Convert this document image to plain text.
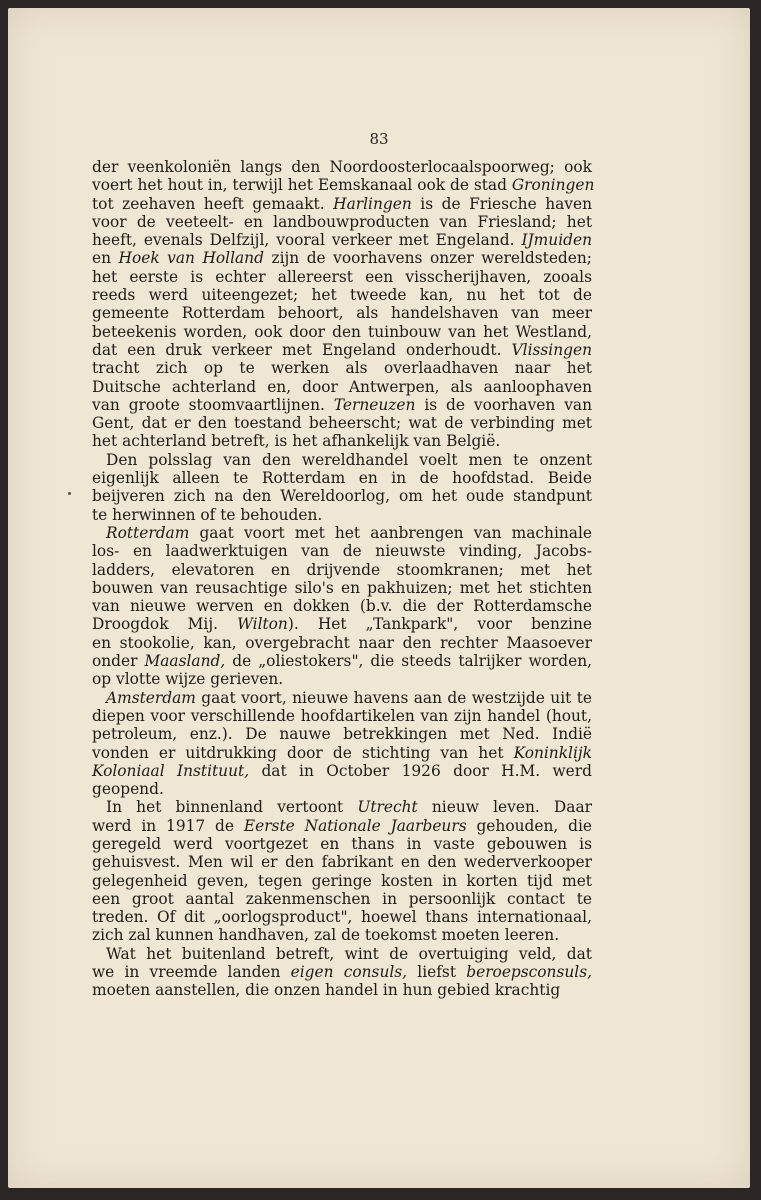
83
der veenkoloniën langs den Noordoosterlocaalspoorweg; ook
voert het hout in, terwijl het Eemskanaal ook de stad Groningen
tot zeehaven heeft gemaakt. Harlingen is de Friesche haven
voor de veeteelt- en landbouwproducten van Friesland; het
heeft, evenals Delfzijl, vooral verkeer met Engeland. IJmuiden
en Hoek van Holland zijn de voorhavens onzer wereldsteden;
het eerste is echter allereerst een visscherijhaven, zooals
reeds werd uiteengezet; het tweede kan, nu het tot de
gemeente Rotterdam behoort, als handelshaven van meer
beteekenis worden, ook door den tuinbouw van het Westland,
dat een druk verkeer met Engeland onderhoudt. Vlissingen
tracht zich op te werken als overlaadhaven naar het
Duitsche achterland en, door Antwerpen, als aanloophaven
van groote stoomvaartlijnen. Terneuzen is de voorhaven van
Gent, dat er den toestand beheerscht; wat de verbinding met
het achterland betreft, is het afhankelijk van België.
Den polsslag van den wereldhandel voelt men te onzent
eigenlijk alleen te Rotterdam en in de hoofdstad. Beide
beijveren zich na den Wereldoorlog, om het oude standpunt
te herwinnen of te behouden.
Rotterdam gaat voort met het aanbrengen van machinale
los- en laadwerktuigen van de nieuwste vinding, Jacobs-
ladders, elevatoren en drijvende stoomkranen; met het
bouwen van reusachtige silo's en pakhuizen; met het stichten
van nieuwe werven en dokken (b.v. die der Rotterdamsche
Droogdok Mij. Wilton). Het „Tankpark", voor benzine
en stookolie, kan, overgebracht naar den rechter Maasoever
onder Maasland, de „oliestokers", die steeds talrijker worden,
op vlotte wijze gerieven.
Amsterdam gaat voort, nieuwe havens aan de westzijde uit te
diepen voor verschillende hoofdartikelen van zijn handel (hout,
petroleum, enz.). De nauwe betrekkingen met Ned. Indië
vonden er uitdrukking door de stichting van het Koninklijk
Koloniaal Instituut, dat in October 1926 door H.M. werd
geopend.
In het binnenland vertoont Utrecht nieuw leven. Daar
werd in 1917 de Eerste Nationale Jaarbeurs gehouden, die
geregeld werd voortgezet en thans in vaste gebouwen is
gehuisvest. Men wil er den fabrikant en den wederverkooper
gelegenheid geven, tegen geringe kosten in korten tijd met
een groot aantal zakenmenschen in persoonlijk contact te
treden. Of dit „oorlogsproduct", hoewel thans internationaal,
zich zal kunnen handhaven, zal de toekomst moeten leeren.
Wat het buitenland betreft, wint de overtuiging veld, dat
we in vreemde landen eigen consuls, liefst beroepsconsuls,
moeten aanstellen, die onzen handel in hun gebied krachtig
